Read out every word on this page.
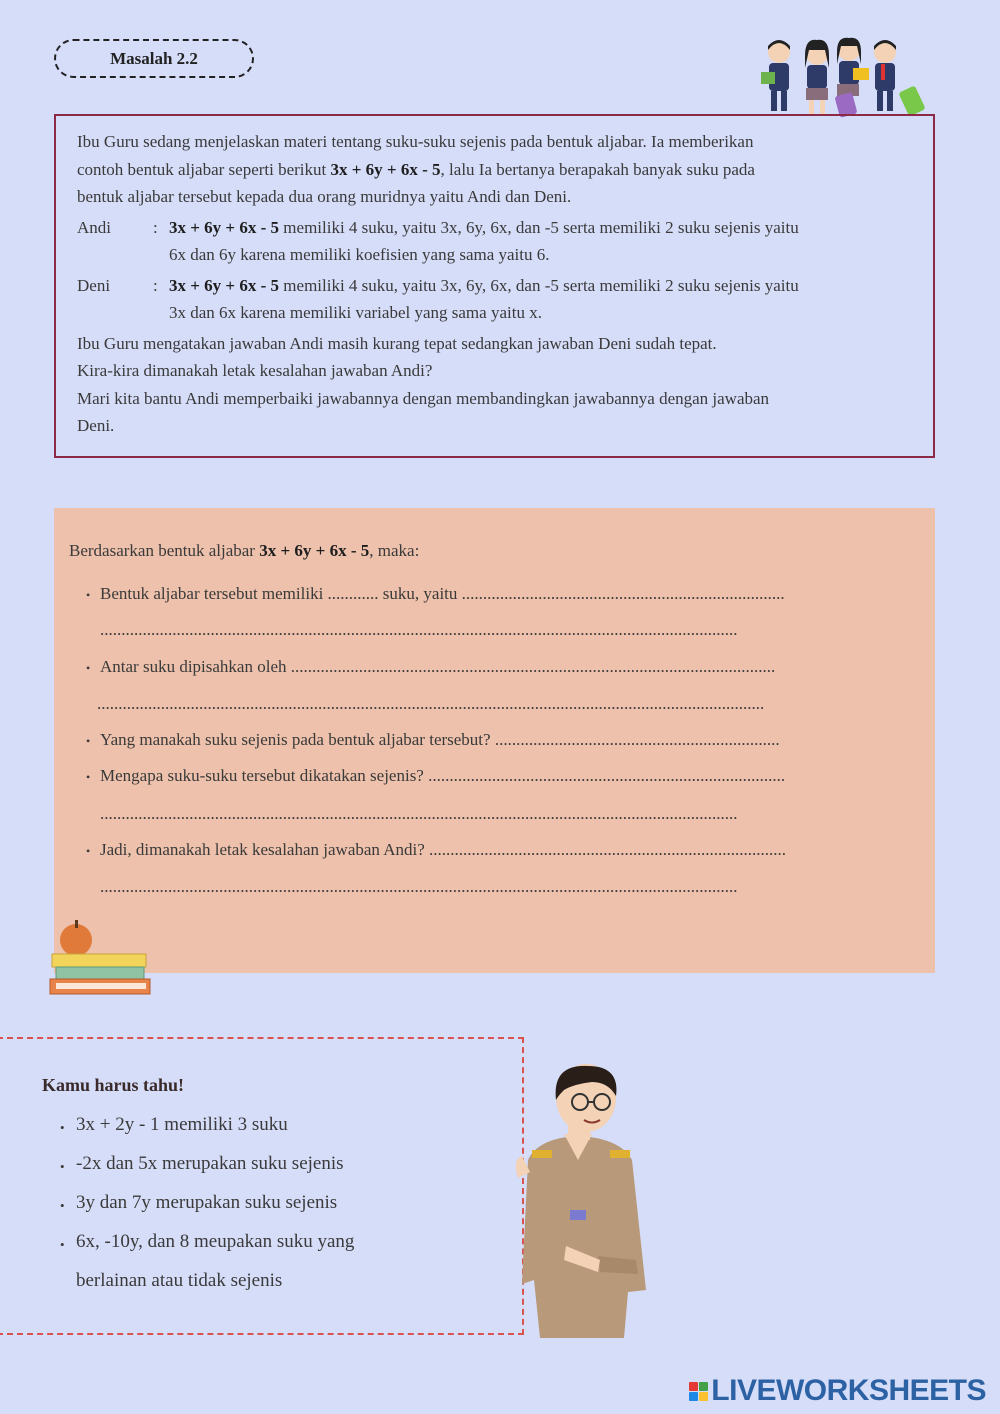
Masalah 2.2

Ibu Guru sedang menjelaskan materi tentang suku-suku sejenis pada bentuk aljabar. Ia memberikan

contoh bentuk aljabar seperti berikut 3x + 6y + 6x - 5, lalu Ia bertanya berapakah banyak suku pada

bentuk aljabar tersebut kepada dua orang muridnya yaitu Andi dan Deni.

Andi	: 3x + 6y + 6x - 5 memiliki 4 suku, yaitu 3x, 6y, 6x, dan -5 serta memiliki 2 suku sejenis yaitu
6x dan 6y karena memiliki koefisien yang sama yaitu 6.
Deni	: 3x + 6y + 6x - 5 memiliki 4 suku, yaitu 3x, 6y, 6x, dan -5 serta memiliki 2 suku sejenis yaitu
3x dan 6x karena memiliki variabel yang sama yaitu x.

Ibu Guru mengatakan jawaban Andi masih kurang tepat sedangkan jawaban Deni sudah tepat.

Kira-kira dimanakah letak kesalahan jawaban Andi?

Mari kita bantu Andi memperbaiki jawabannya dengan membandingkan jawabannya dengan jawaban

Deni.

Berdasarkan bentuk aljabar 3x + 6y + 6x - 5, maka:
• Bentuk aljabar tersebut memiliki ............ suku, yaitu ............................................................................
......................................................................................................................................................
• Antar suku dipisahkan oleh ..................................................................................................................
.............................................................................................................................................................
• Yang manakah suku sejenis pada bentuk aljabar tersebut? ...................................................................
• Mengapa suku-suku tersebut dikatakan sejenis? ....................................................................................
......................................................................................................................................................
• Jadi, dimanakah letak kesalahan jawaban Andi? ....................................................................................
......................................................................................................................................................
Kamu harus tahu!
• 3x + 2y - 1 memiliki 3 suku
• -2x dan 5x merupakan suku sejenis
• 3y dan 7y merupakan suku sejenis
• 6x, -10y, dan 8 meupakan suku yang
berlainan atau tidak sejenis
LIVEWORKSHEETS
